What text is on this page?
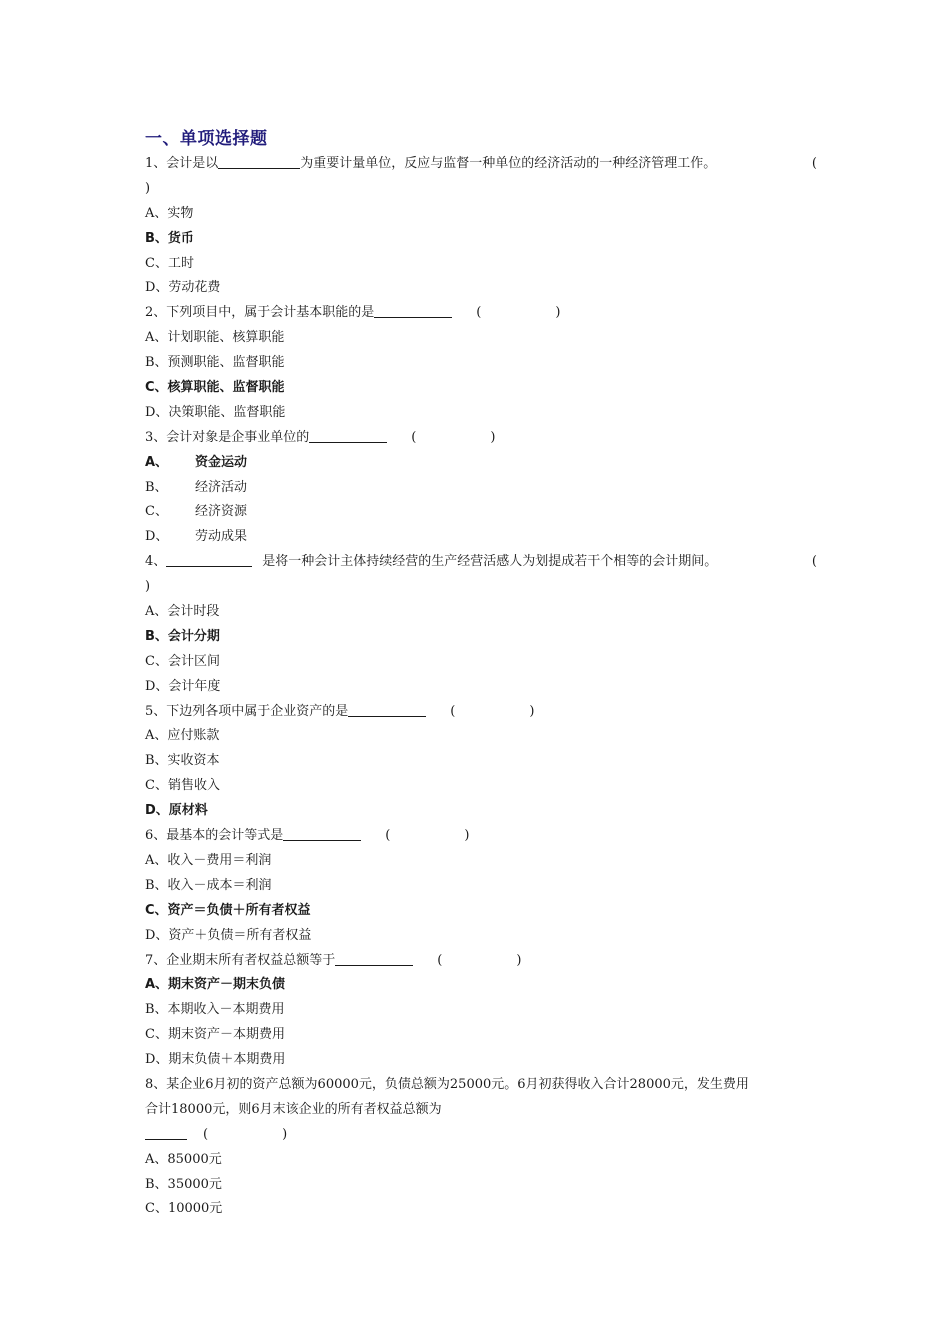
一、单项选择题
1、会计是以	为重要计量单位，反应与监督一种单位的经济活动的一种经济管理工作。	(
)
A、实物
B、货币
C、工时
D、劳动花费
2、下列项目中，属于会计基本职能的是	(	)
A、计划职能、核算职能
B、预测职能、监督职能
C、核算职能、监督职能
D、决策职能、监督职能
3、会计对象是企事业单位的	(	)
A、 资金运动
B、 经济活动
C、 经济资源
D、 劳动成果
4、	是将一种会计主体持续经营的生产经营活感人为划提成若干个相等的会计期间。	(
)
A、会计时段
B、会计分期
C、会计区间
D、会计年度
5、下边列各项中属于企业资产的是	(	)
A、应付账款
B、实收资本
C、销售收入
D、原材料
6、最基本的会计等式是	(	)
A、收入－费用＝利润
B、收入－成本＝利润
C、资产＝负债＋所有者权益
D、资产＋负债＝所有者权益
7、企业期末所有者权益总额等于	(	)
A、期末资产－期末负债
B、本期收入－本期费用
C、期末资产－本期费用
D、期末负债＋本期费用
8、某企业6月初的资产总额为60000元，负债总额为25000元。6月初获得收入合计28000元，发生费用
合计18000元，则6月末该企业的所有者权益总额为
(	)
A、85000元
B、35000元
C、10000元
